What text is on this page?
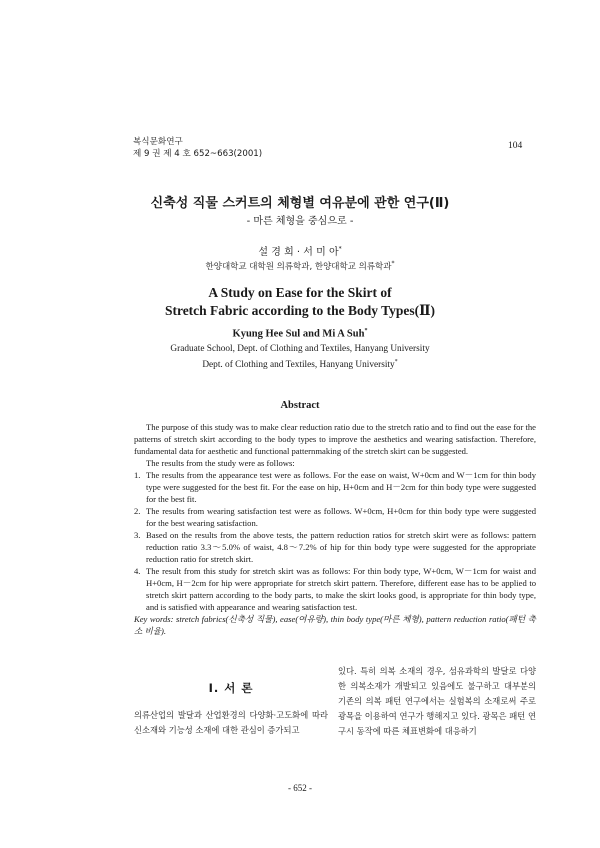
복식문화연구
제 9 권 제 4 호 652~663(2001)
104
신축성 직물 스커트의 체형별 여유분에 관한 연구(Ⅱ)
- 마른 체형을 중심으로 -
설 경 희 · 서 미 아*
한양대학교 대학원 의류학과, 한양대학교 의류학과*
A Study on Ease for the Skirt of
Stretch Fabric according to the Body Types(Ⅱ)
Kyung Hee Sul and Mi A Suh*
Graduate School, Dept. of Clothing and Textiles, Hanyang University
Dept. of Clothing and Textiles, Hanyang University*
Abstract

The purpose of this study was to make clear reduction ratio due to the stretch ratio and to find out the ease for the patterns of stretch skirt according to the body types to improve the aesthetics and wearing satisfaction. Therefore, fundamental data for aesthetic and functional patternmaking of the stretch skirt can be suggested.

The results from the study were as follows:

1. The results from the appearance test were as follows. For the ease on waist, W+0cm and W－1cm for thin body type were suggested for the best fit. For the ease on hip, H+0cm and H－2cm for thin body type were suggested for the best fit.
2. The results from wearing satisfaction test were as follows. W+0cm, H+0cm for thin body type were suggested for the best wearing satisfaction.
3. Based on the results from the above tests, the pattern reduction ratios for stretch skirt were as follows: pattern reduction ratio 3.3～5.0% of waist, 4.8～7.2% of hip for thin body type were suggested for the appropriate reduction ratio for stretch skirt.
4. The result from this study for stretch skirt was as follows: For thin body type, W+0cm, W－1cm for waist and H+0cm, H－2cm for hip were appropriate for stretch skirt pattern. Therefore, different ease has to be applied to stretch skirt pattern according to the body parts, to make the skirt looks good, is appropriate for thin body type, and is satisfied with appearance and wearing satisfaction test.

Key words: stretch fabrics(신축성 직물), ease(여유량), thin body type(마른 체형), pattern reduction ratio(패턴 축소 비율).

Ⅰ. 서 론

의류산업의 발달과 산업환경의 다양화·고도화에 따라 신소재와 기능성 소재에 대한 관심이 증가되고

있다. 특히 의복 소재의 경우, 섬유과학의 발달로 다양한 의복소재가 개발되고 있음에도 불구하고 대부분의 기존의 의복 패턴 연구에서는 실험복의 소재로써 주로 광목을 이용하여 연구가 행해지고 있다. 광목은 패턴 연구시 동작에 따른 체표변화에 대응하기

- 652 -
